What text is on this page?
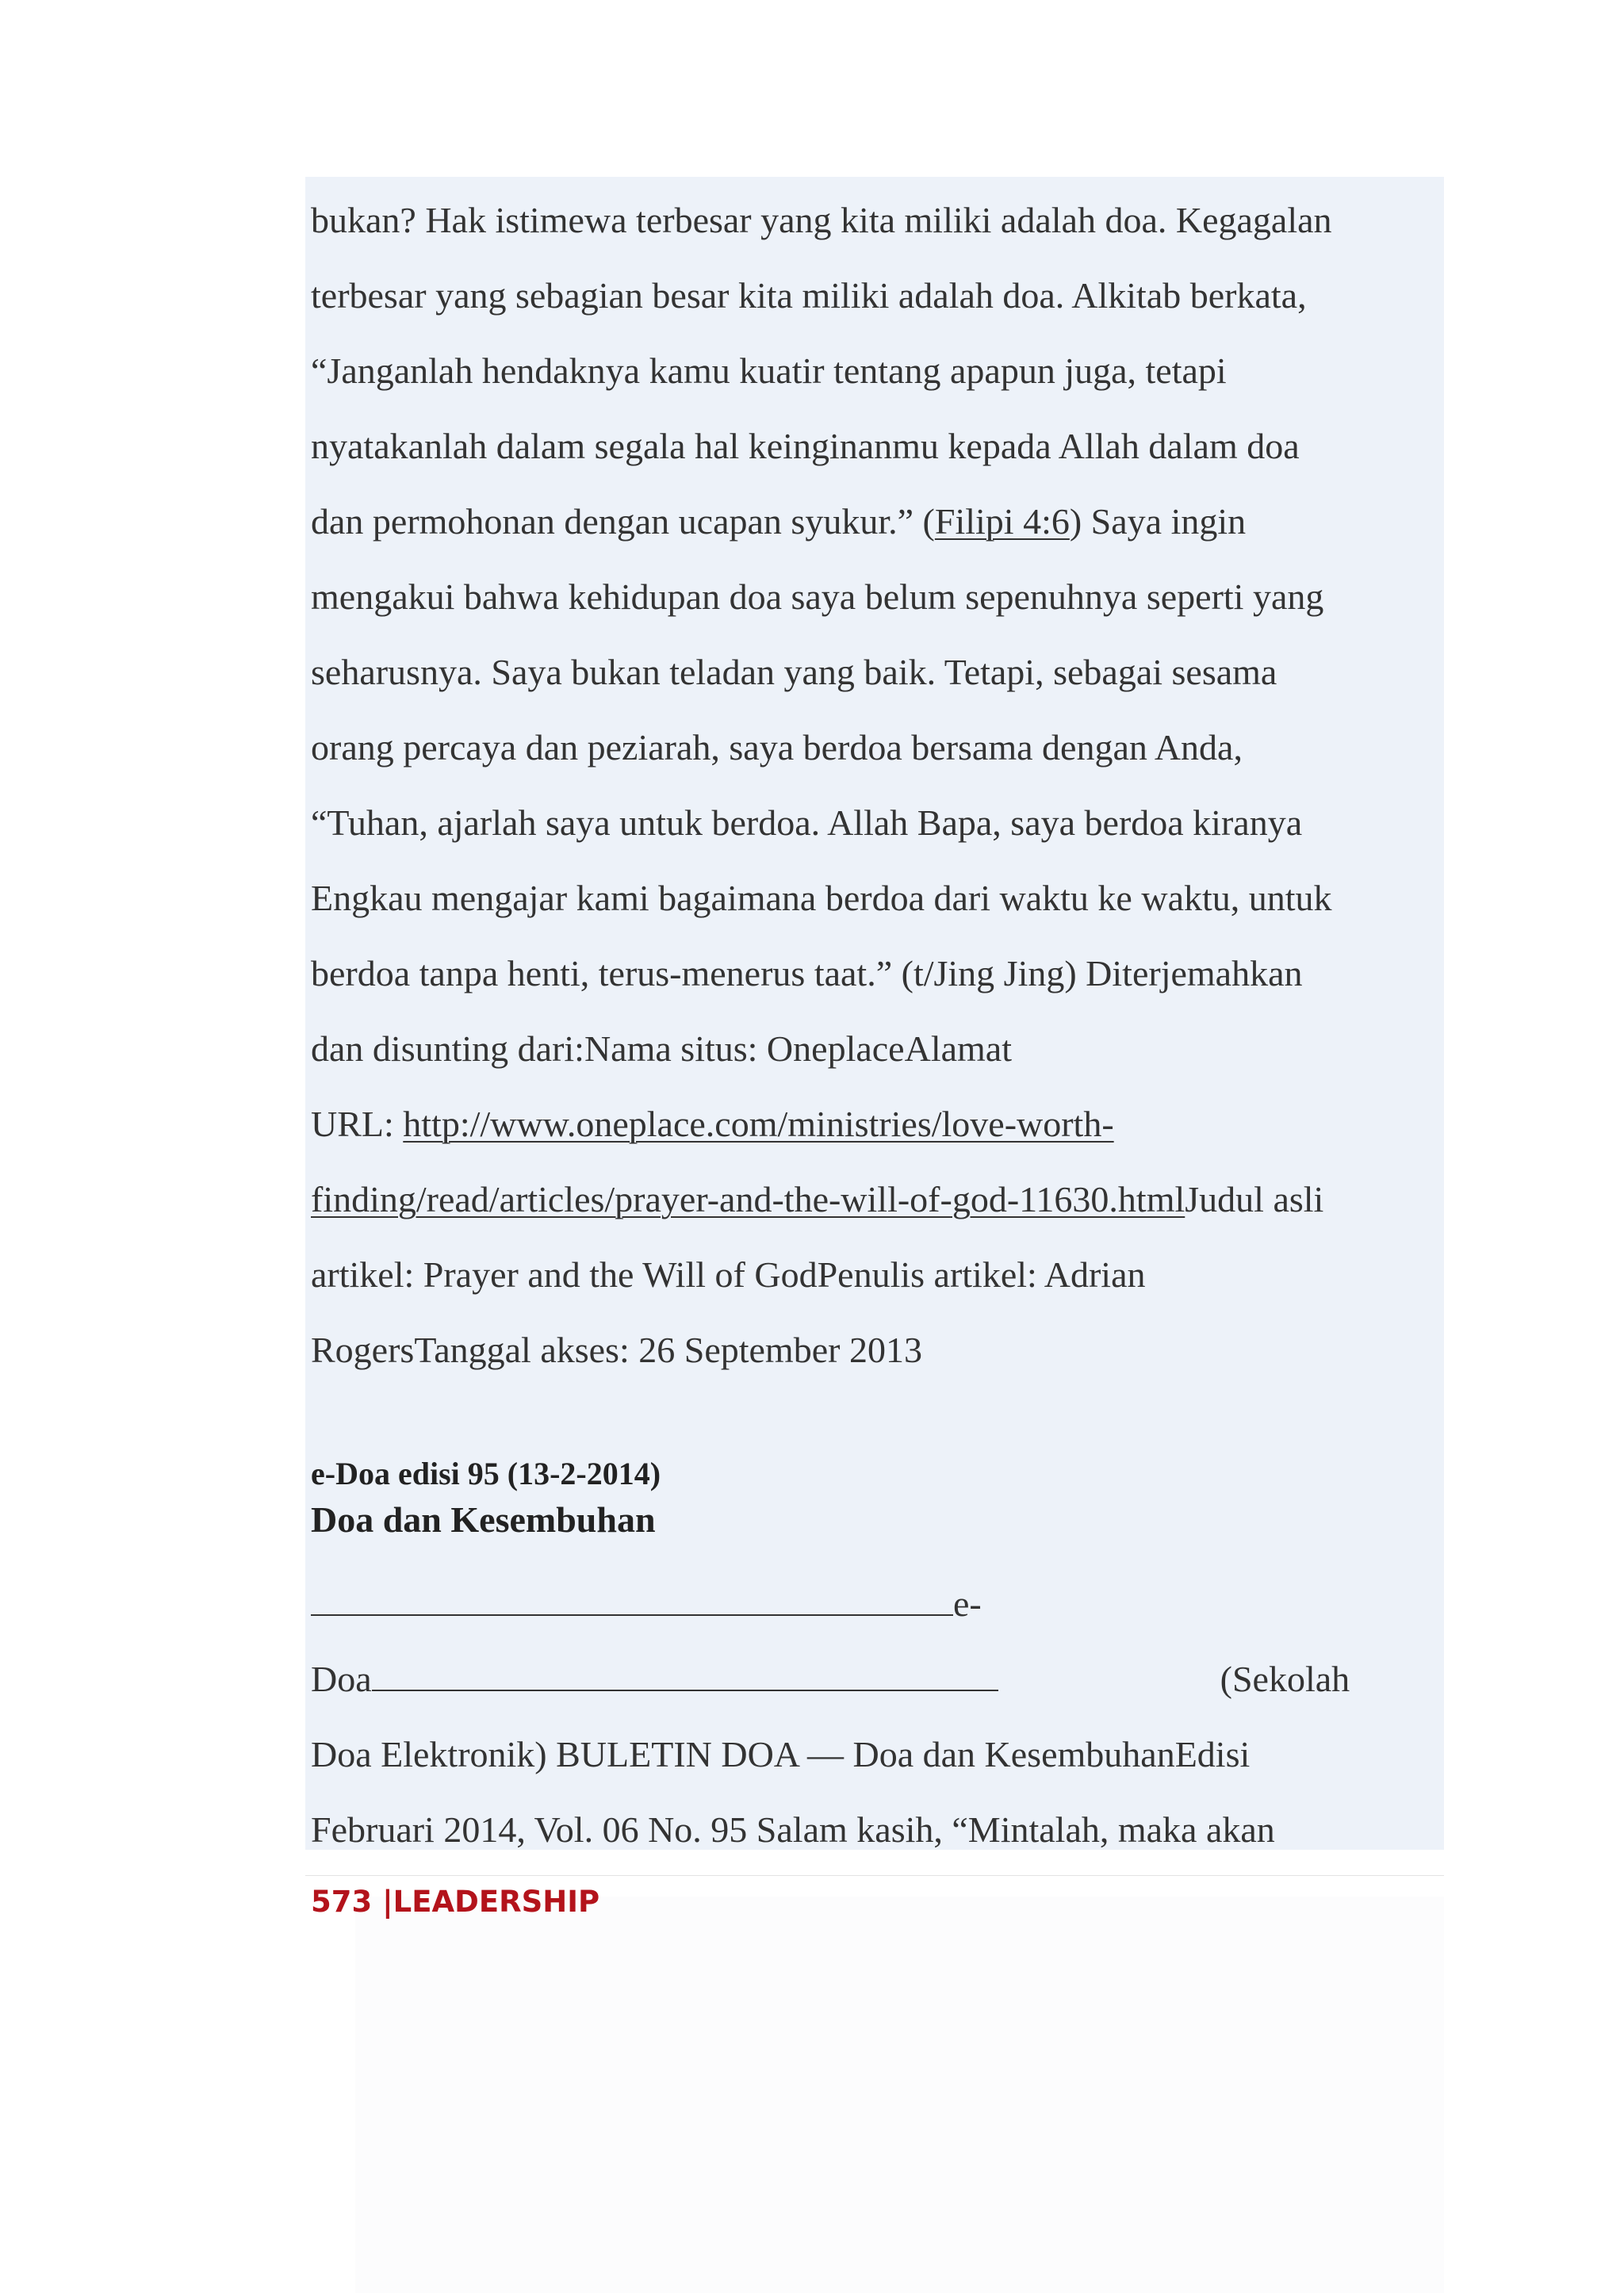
bukan? Hak istimewa terbesar yang kita miliki adalah doa. Kegagalan
terbesar yang sebagian besar kita miliki adalah doa. Alkitab berkata,
“Janganlah hendaknya kamu kuatir tentang apapun juga, tetapi
nyatakanlah dalam segala hal keinginanmu kepada Allah dalam doa
dan permohonan dengan ucapan syukur.” (Filipi 4:6) Saya ingin
mengakui bahwa kehidupan doa saya belum sepenuhnya seperti yang
seharusnya. Saya bukan teladan yang baik. Tetapi, sebagai sesama
orang percaya dan peziarah, saya berdoa bersama dengan Anda,
“Tuhan, ajarlah saya untuk berdoa. Allah Bapa, saya berdoa kiranya
Engkau mengajar kami bagaimana berdoa dari waktu ke waktu, untuk
berdoa tanpa henti, terus-menerus taat.” (t/Jing Jing) Diterjemahkan
dan disunting dari:Nama situs: OneplaceAlamat
URL: http://www.oneplace.com/ministries/love-worth-
finding/read/articles/prayer-and-the-will-of-god-11630.htmlJudul asli
artikel: Prayer and the Will of GodPenulis artikel: Adrian
RogersTanggal akses: 26 September 2013

e-Doa edisi 95 (13-2-2014)

Doa dan Kesembuhan

e-
Doa	(Sekolah
Doa Elektronik) BULETIN DOA — Doa dan KesembuhanEdisi
Februari 2014, Vol. 06 No. 95 Salam kasih, “Mintalah, maka akan

573 |LEADERSHIP
